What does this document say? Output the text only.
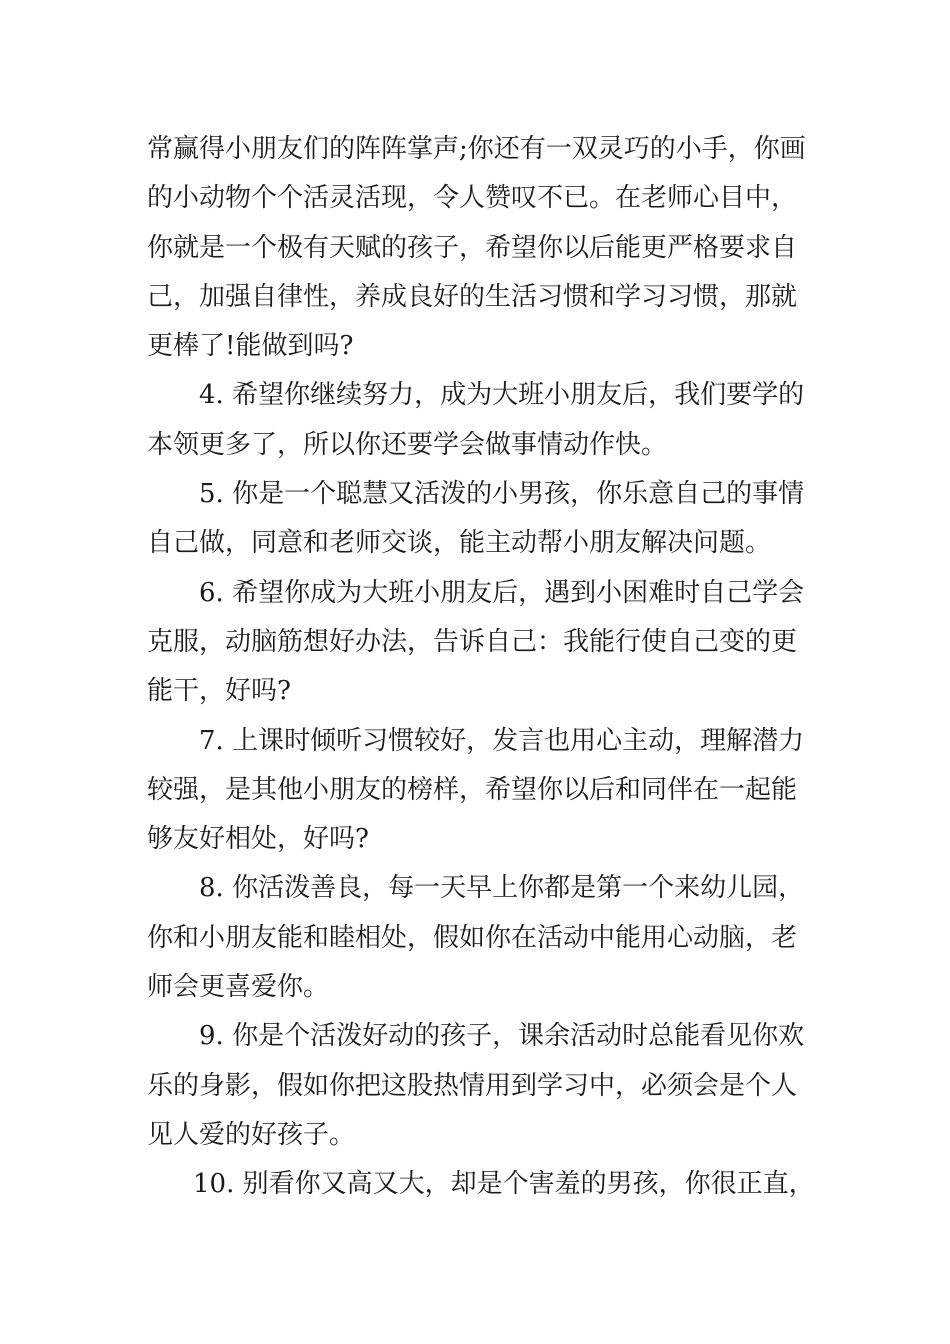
常赢得小朋友们的阵阵掌声;你还有一双灵巧的小手，你画
的小动物个个活灵活现，令人赞叹不已。在老师心目中，
你就是一个极有天赋的孩子，希望你以后能更严格要求自
己，加强自律性，养成良好的生活习惯和学习习惯，那就
更棒了!能做到吗?
4. 希望你继续努力，成为大班小朋友后，我们要学的
本领更多了，所以你还要学会做事情动作快。
5. 你是一个聪慧又活泼的小男孩，你乐意自己的事情
自己做，同意和老师交谈，能主动帮小朋友解决问题。
6. 希望你成为大班小朋友后，遇到小困难时自己学会
克服，动脑筋想好办法，告诉自己：我能行使自己变的更
能干，好吗?
7. 上课时倾听习惯较好，发言也用心主动，理解潜力
较强，是其他小朋友的榜样，希望你以后和同伴在一起能
够友好相处，好吗?
8. 你活泼善良，每一天早上你都是第一个来幼儿园，
你和小朋友能和睦相处，假如你在活动中能用心动脑，老
师会更喜爱你。
9. 你是个活泼好动的孩子，课余活动时总能看见你欢
乐的身影，假如你把这股热情用到学习中，必须会是个人
见人爱的好孩子。
10. 别看你又高又大，却是个害羞的男孩，你很正直，
